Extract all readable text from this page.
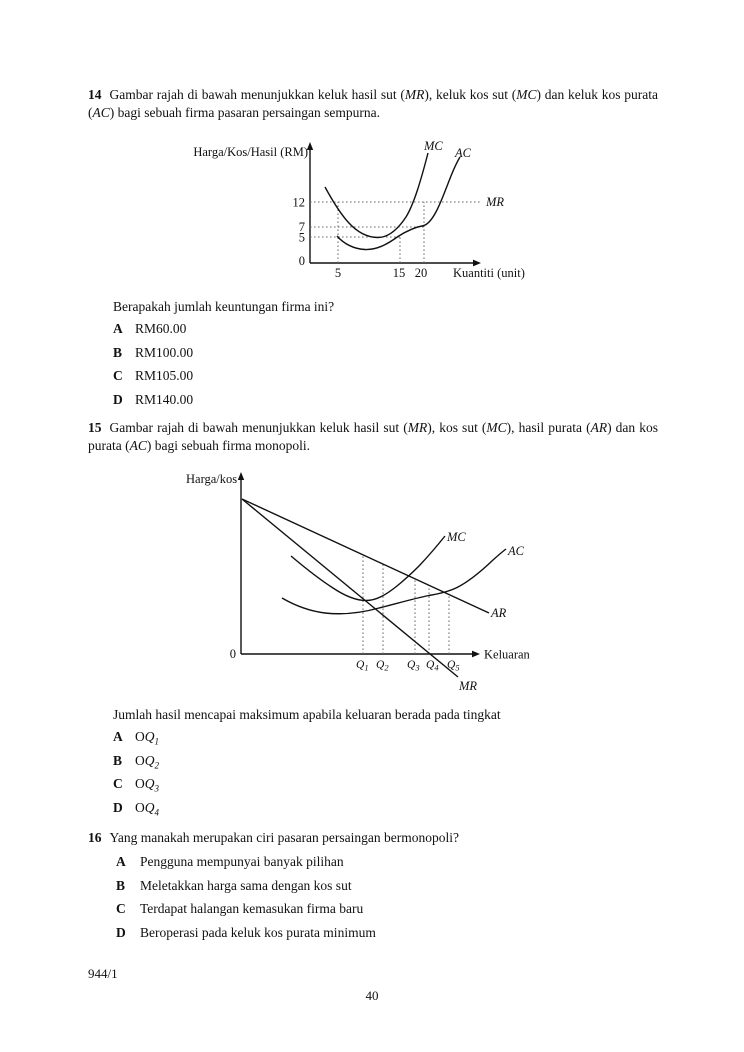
14 Gambar rajah di bawah menunjukkan keluk hasil sut (MR), keluk kos sut (MC) dan keluk kos purata (AC) bagi sebuah firma pasaran persaingan sempurna.
Harga/Kos/Hasil (RM)
12
7
5
0
5	15 20 Kuantiti (unit)
MC AC
MR
Berapakah jumlah keuntungan firma ini?
A RM60.00
B RM100.00
C RM105.00
D RM140.00
15 Gambar rajah di bawah menunjukkan keluk hasil sut (MR), kos sut (MC), hasil purata (AR) dan kos purata (AC) bagi sebuah firma monopoli.
Harga/kos
0	Keluaran
MC
AC
AR
MR
$Q_1$ $Q_2$ $Q_3$ $Q_4$ $Q_5$
Jumlah hasil mencapai maksimum apabila keluaran berada pada tingkat
A $OQ_1$
B $OQ_2$
C $OQ_3$
D $OQ_4$
16 Yang manakah merupakan ciri pasaran persaingan bermonopoli?
A Pengguna mempunyai banyak pilihan
B Meletakkan harga sama dengan kos sut
C Terdapat halangan kemasukan firma baru
D Beroperasi pada keluk kos purata minimum
944/1
40
